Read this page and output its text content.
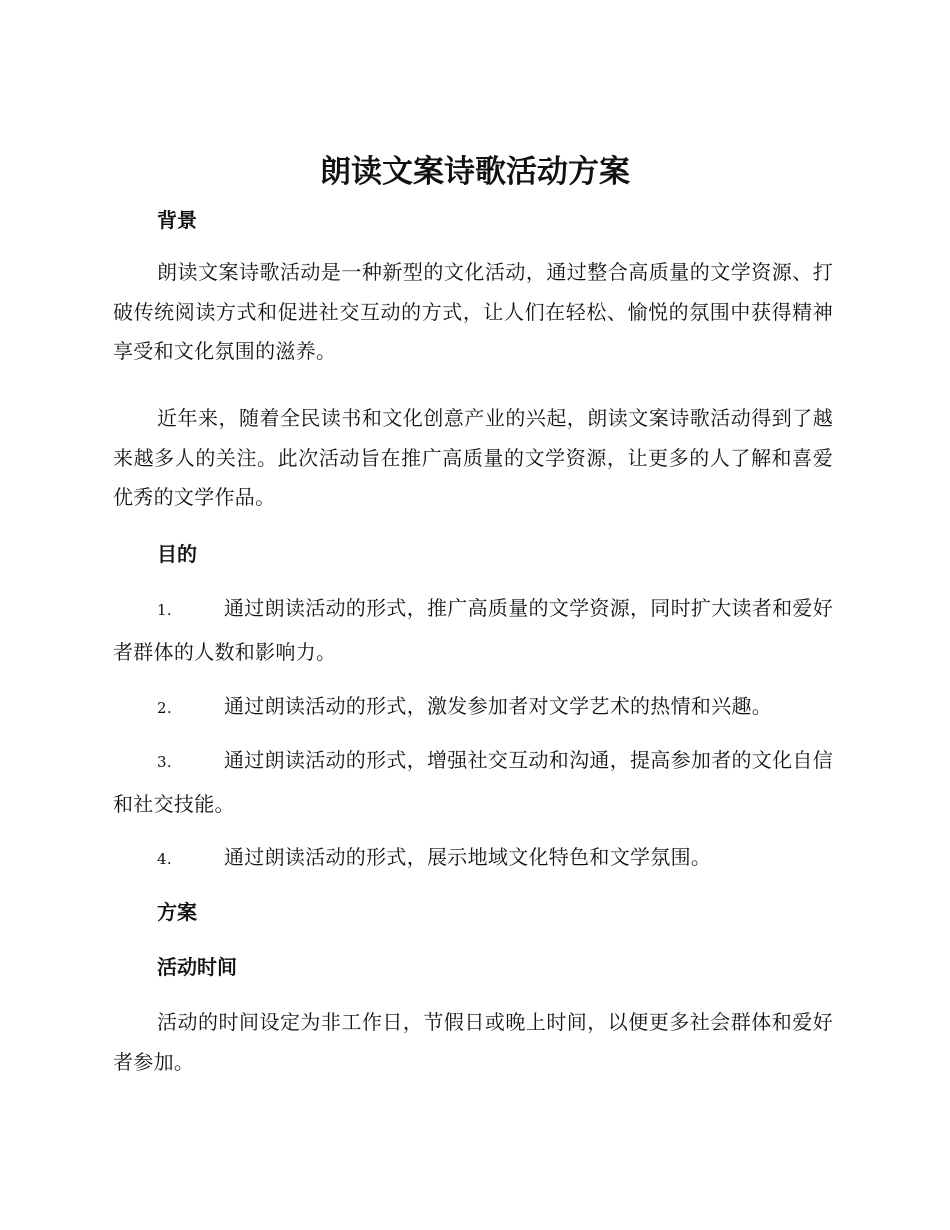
朗读文案诗歌活动方案
背景
朗读文案诗歌活动是一种新型的文化活动，通过整合高质量的文学资源、打破传统阅读方式和促进社交互动的方式，让人们在轻松、愉悦的氛围中获得精神享受和文化氛围的滋养。
近年来，随着全民读书和文化创意产业的兴起，朗读文案诗歌活动得到了越来越多人的关注。此次活动旨在推广高质量的文学资源，让更多的人了解和喜爱优秀的文学作品。
目的
1.	通过朗读活动的形式，推广高质量的文学资源，同时扩大读者和爱好者群体的人数和影响力。
2.	通过朗读活动的形式，激发参加者对文学艺术的热情和兴趣。
3.	通过朗读活动的形式，增强社交互动和沟通，提高参加者的文化自信和社交技能。
4.	通过朗读活动的形式，展示地域文化特色和文学氛围。
方案
活动时间
活动的时间设定为非工作日，节假日或晚上时间，以便更多社会群体和爱好者参加。
